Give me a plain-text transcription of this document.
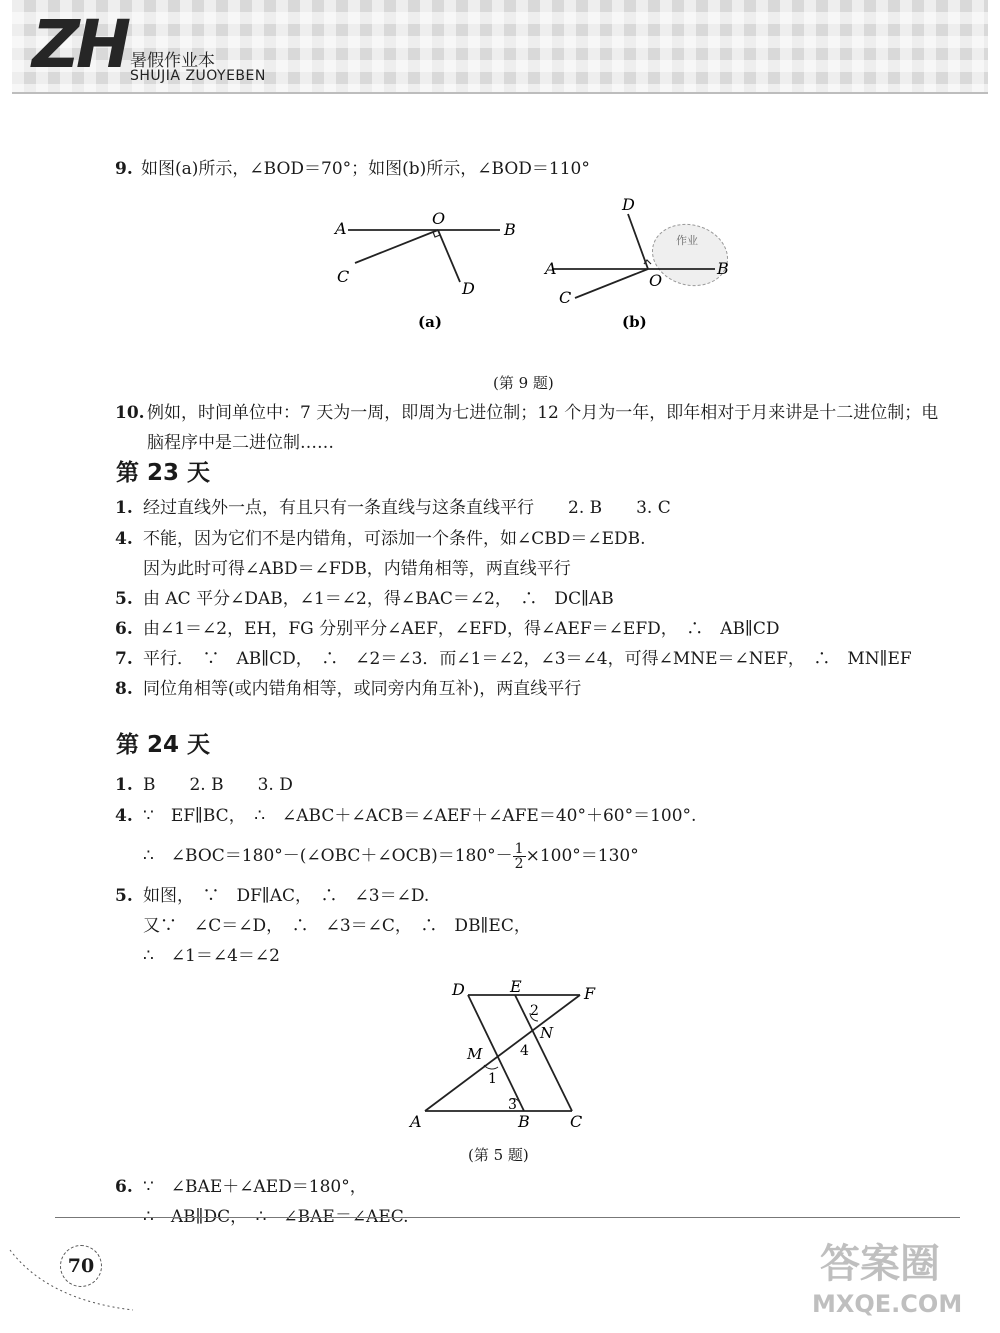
ZH 暑假作业本
SHUJIA ZUOYEBEN
9. 如图(a)所示，∠BOD＝70°；如图(b)所示，∠BOD＝110°
A
O
B
C
D
(a)
作业
D
A
O
B
C
(b)
(第 9 题)
10. 例如，时间单位中：7 天为一周，即周为七进位制；12 个月为一年，即年相对于月来讲是十二进位制；电
脑程序中是二进位制……
第 23 天
1. 经过直线外一点，有且只有一条直线与这条直线平行　　2. B　　3. C
4. 不能，因为它们不是内错角，可添加一个条件，如∠CBD＝∠EDB.
因为此时可得∠ABD＝∠FDB，内错角相等，两直线平行
5. 由 AC 平分∠DAB，∠1＝∠2，得∠BAC＝∠2，　∴　DC∥AB
6. 由∠1＝∠2，EH，FG 分别平分∠AEF，∠EFD，得∠AEF＝∠EFD，　∴　AB∥CD
7. 平行．　∵　AB∥CD，　∴　∠2＝∠3．而∠1＝∠2，∠3＝∠4，可得∠MNE＝∠NEF，　∴　MN∥EF
8. 同位角相等(或内错角相等，或同旁内角互补)，两直线平行
第 24 天
1. B　　2. B　　3. D
4. ∵　EF∥BC，　∴　∠ABC＋∠ACB＝∠AEF＋∠AFE＝40°＋60°＝100°.
∴　∠BOC＝180°－(∠OBC＋∠OCB)＝180°－ $\frac{1}{2} \times 100^\circ=130^\circ$
5. 如图，　∵　DF∥AC，　∴　∠3＝∠D.
又∵　∠C＝∠D，　∴　∠3＝∠C，　∴　DB∥EC，
∴　∠1＝∠4＝∠2
D	E	F
2
N
4
M
1
3
A	B	C
(第 5 题)
6. ∵　∠BAE＋∠AED＝180°，
∴　AB∥DC，　∴　∠BAE＝∠AEC.
70	答案圈
MXQE.COM
